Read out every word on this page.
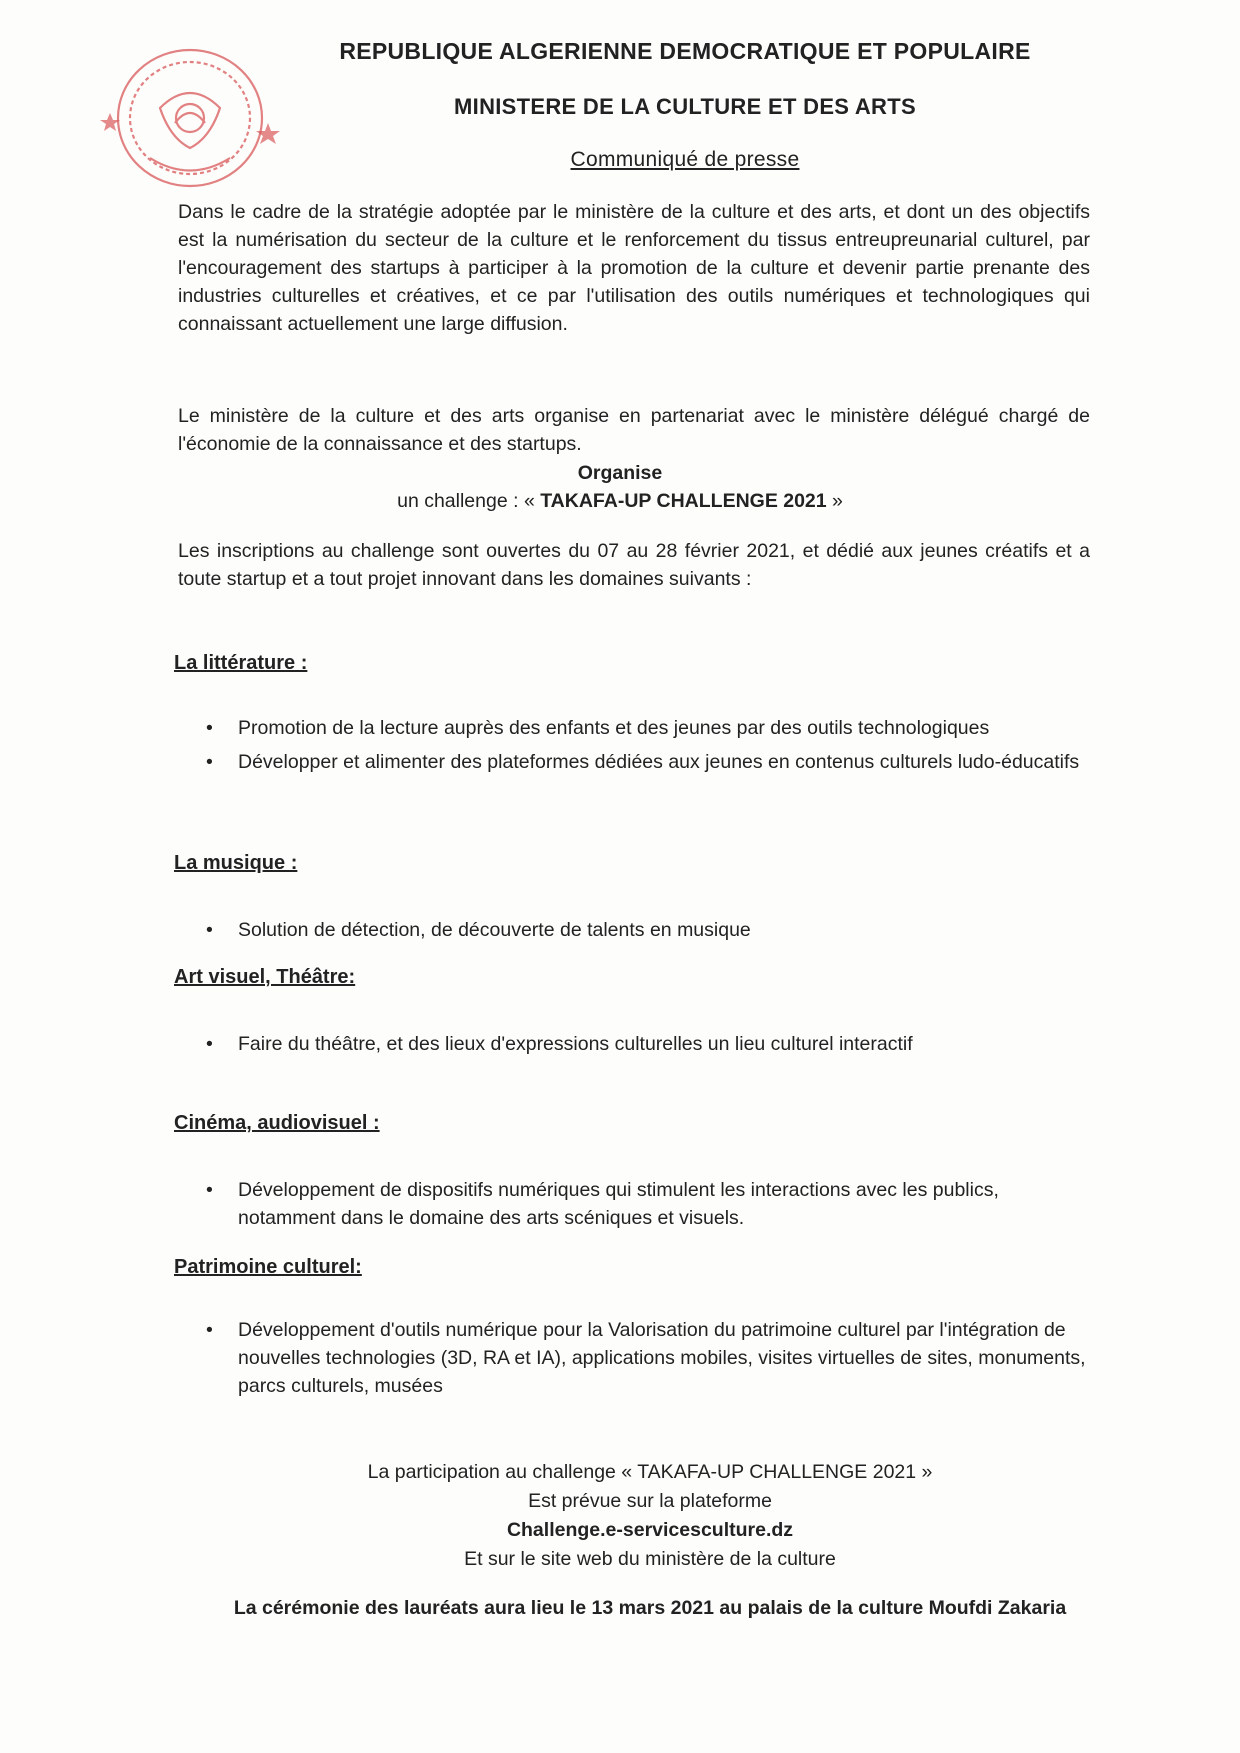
REPUBLIQUE ALGERIENNE DEMOCRATIQUE ET POPULAIRE
MINISTERE DE LA CULTURE ET DES ARTS
Communiqué de presse
Dans le cadre de la stratégie adoptée par le ministère de la culture et des arts, et dont un des objectifs est la numérisation du secteur de la culture et le renforcement du tissus entreupreunarial culturel, par l'encouragement des startups à participer à la promotion de la culture et devenir partie prenante des industries culturelles et créatives, et ce par l'utilisation des outils numériques et technologiques qui connaissant actuellement une large diffusion.
Le ministère de la culture et des arts organise en partenariat avec le ministère délégué chargé de l'économie de la connaissance et des startups.
Organise
un challenge : « TAKAFA-UP CHALLENGE 2021 »
Les inscriptions au challenge sont ouvertes du 07 au 28 février 2021, et dédié aux jeunes créatifs et a toute startup et a tout projet innovant dans les domaines suivants :
La littérature :
• Promotion de la lecture auprès des enfants et des jeunes par des outils technologiques
• Développer et alimenter des plateformes dédiées aux jeunes en contenus culturels ludo-éducatifs
La musique :
• Solution de détection, de découverte de talents en musique
Art visuel, Théâtre:
• Faire du théâtre, et des lieux d'expressions culturelles un lieu culturel interactif
Cinéma, audiovisuel :
• Développement de dispositifs numériques qui stimulent les interactions avec les publics, notamment dans le domaine des arts scéniques et visuels.
Patrimoine culturel:
• Développement d'outils numérique pour la Valorisation du patrimoine culturel par l'intégration de nouvelles technologies (3D, RA et IA), applications mobiles, visites virtuelles de sites, monuments, parcs culturels, musées
La participation au challenge « TAKAFA-UP CHALLENGE 2021 »
Est prévue sur la plateforme
Challenge.e-servicesculture.dz
Et sur le site web du ministère de la culture
La cérémonie des lauréats aura lieu le 13 mars 2021 au palais de la culture Moufdi Zakaria
